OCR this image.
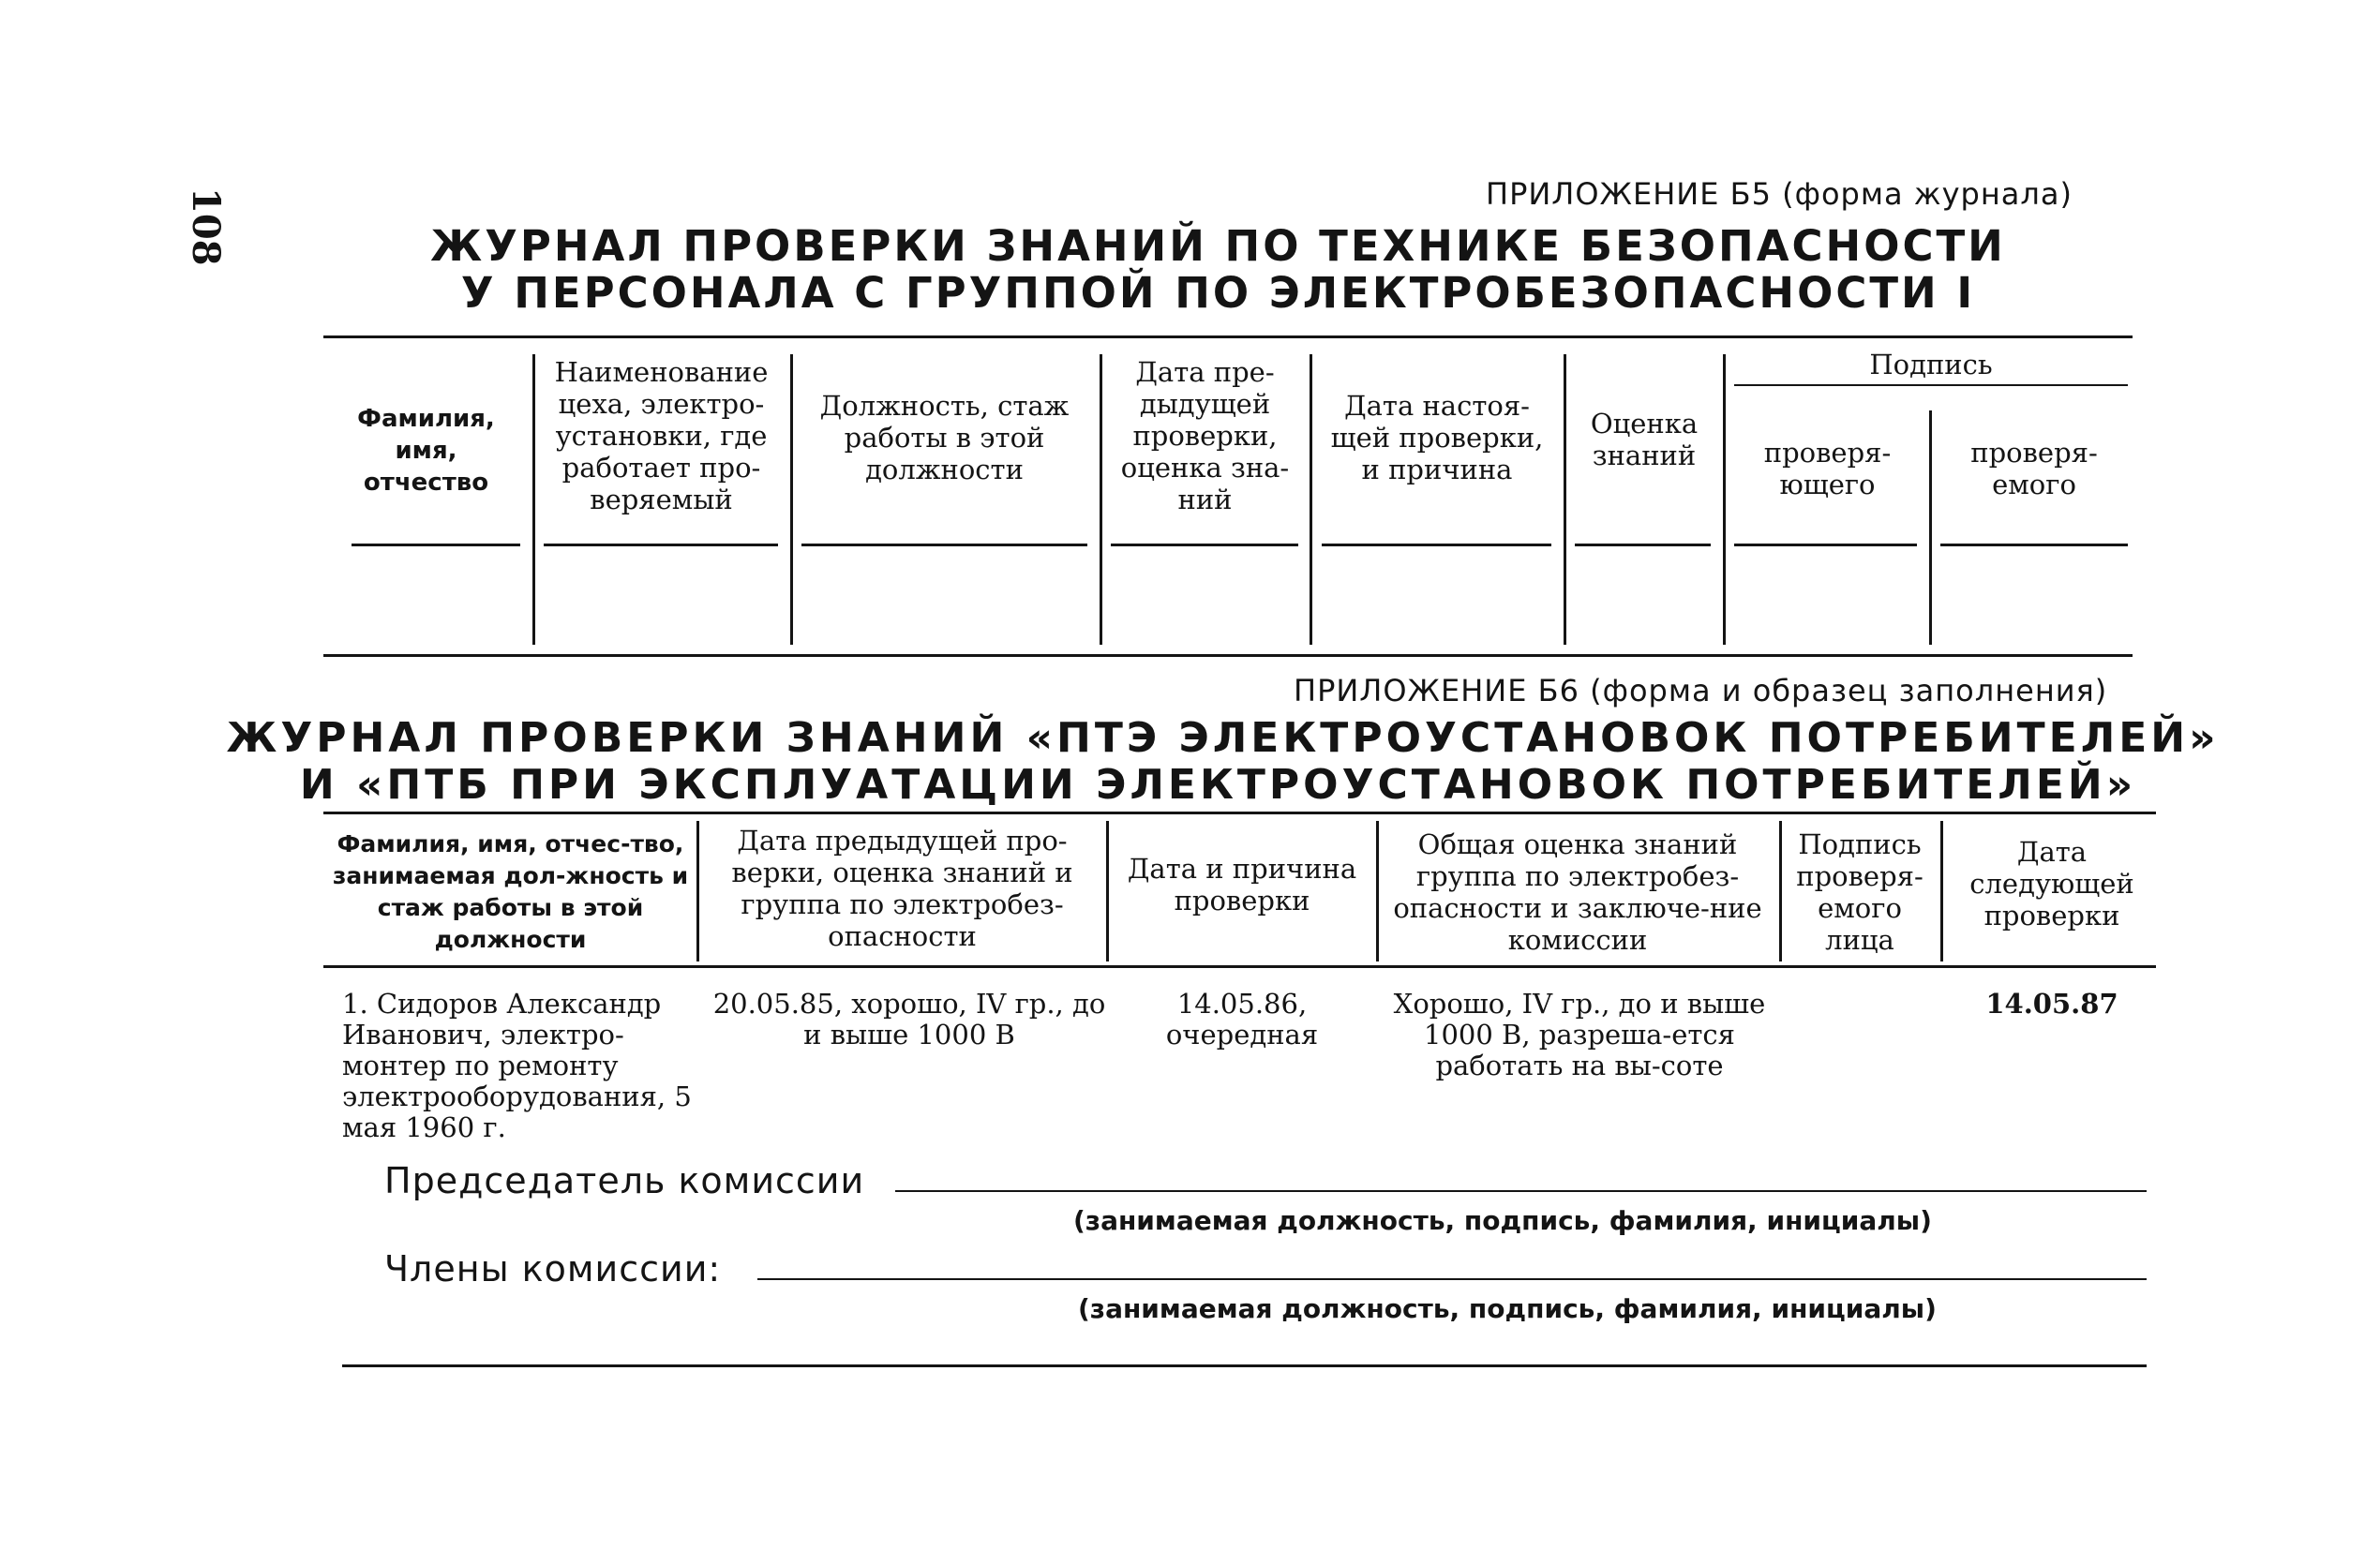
108	ПРИЛОЖЕНИЕ Б5 (форма журнала)
ЖУРНАЛ ПРОВЕРКИ ЗНАНИЙ ПО ТЕХНИКЕ БЕЗОПАСНОСТИ
У ПЕРСОНАЛА С ГРУППОЙ ПО ЭЛЕКТРОБЕЗОПАСНОСТИ I
Фамилия, имя, отчество
Наименование цеха, электро-установки, где работает про-веряемый
Должность, стаж работы в этой должности
Дата пре-дыдущей проверки, оценка зна-ний
Дата настоя-щей проверки, и причина
Оценка знаний
Подпись
проверя-ющего
проверя-емого
ПРИЛОЖЕНИЕ Б6 (форма и образец заполнения)
ЖУРНАЛ ПРОВЕРКИ ЗНАНИЙ «ПТЭ ЭЛЕКТРОУСТАНОВОК ПОТРЕБИТЕЛЕЙ»
И «ПТБ ПРИ ЭКСПЛУАТАЦИИ ЭЛЕКТРОУСТАНОВОК ПОТРЕБИТЕЛЕЙ»
Фамилия, имя, отчес-тво, занимаемая дол-жность и стаж работы в этой должности
Дата предыдущей про-верки, оценка знаний и группа по электробез-опасности
Дата и причина проверки
Общая оценка знаний группа по электробез-опасности и заключе-ние комиссии
Подпись проверя-емого лица
Дата следующей проверки
1. Сидоров Александр Иванович, электро-монтер по ремонту электрооборудования, 5 мая 1960 г.
20.05.85, хорошо, IV гр., до и выше 1000 В
14.05.86, очередная
Хорошо, IV гр., до и выше 1000 В, разреша-ется работать на вы-соте
14.05.87
Председатель комиссии
(занимаемая должность, подпись, фамилия, инициалы)
Члены комиссии:
(занимаемая должность, подпись, фамилия, инициалы)
